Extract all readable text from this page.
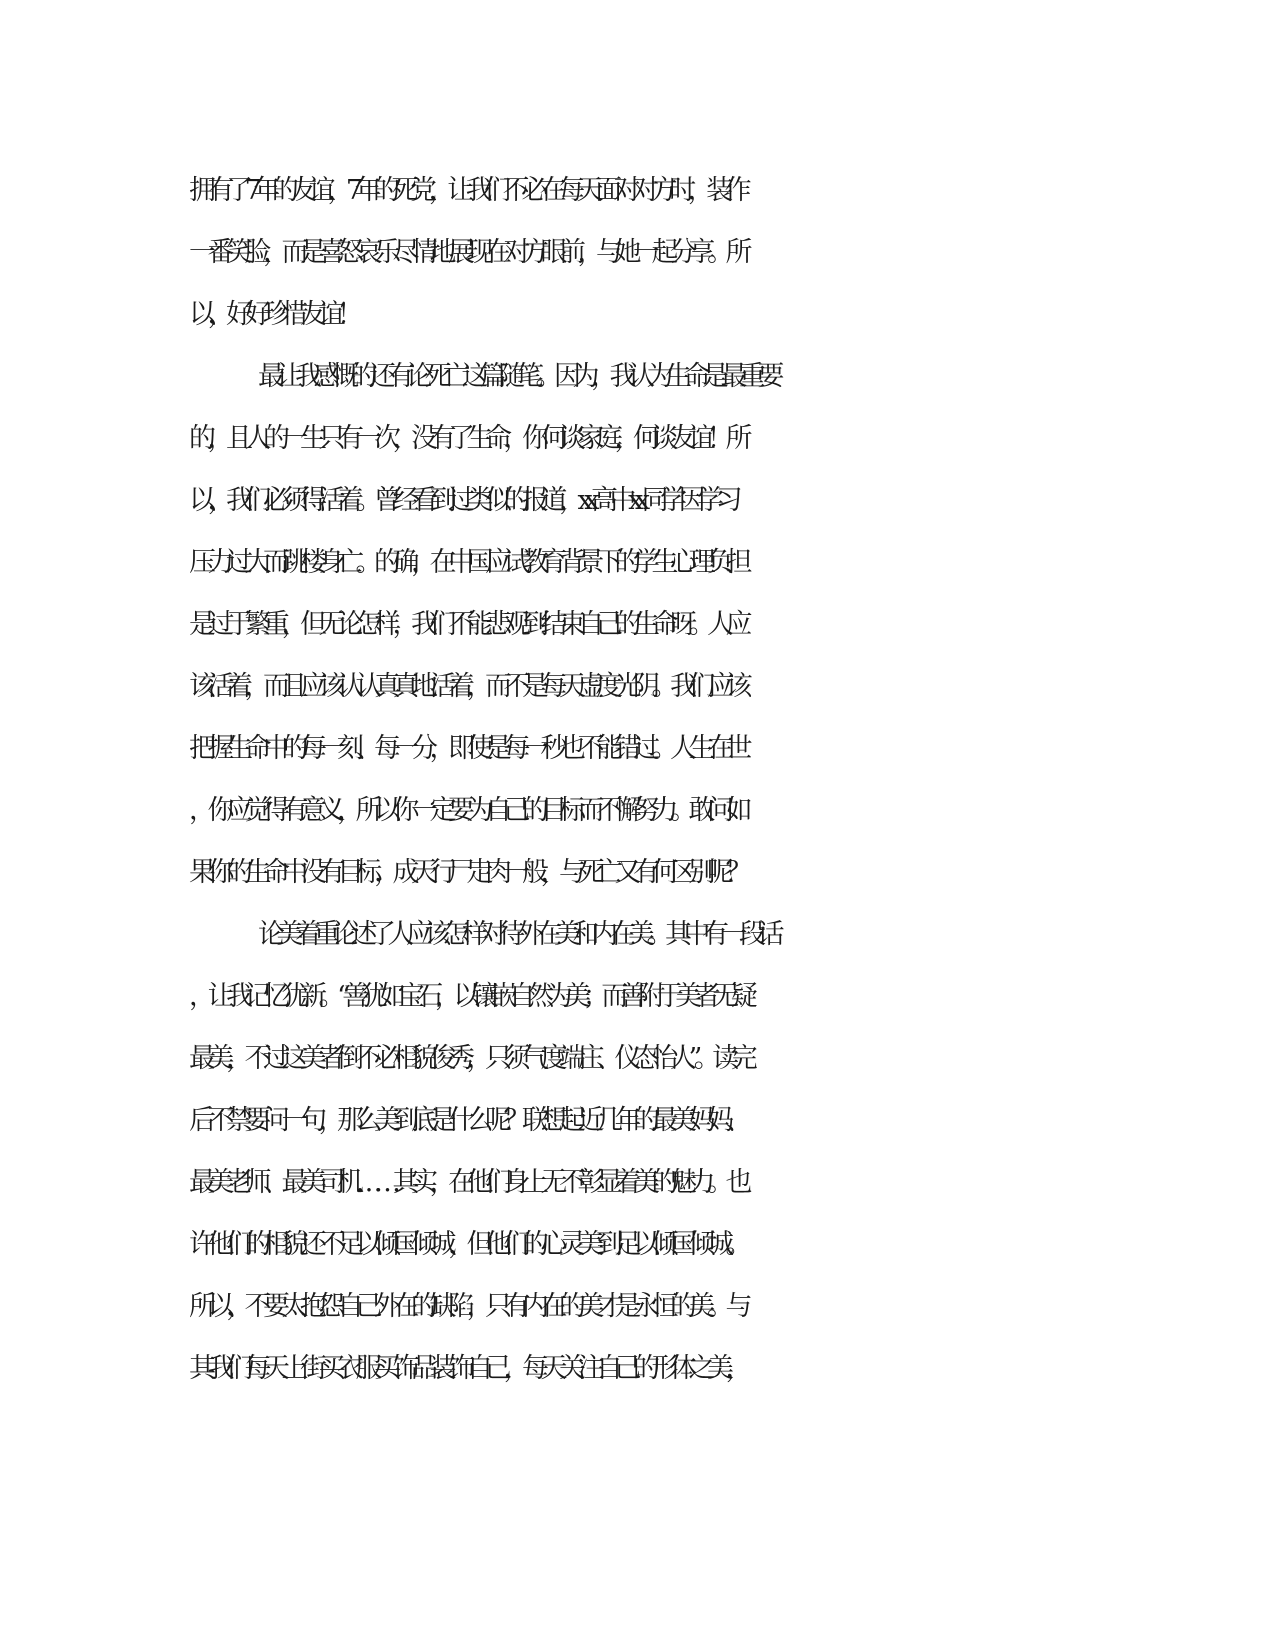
拥有了 7 年的友谊，7 年的死党，让我们不必在每天面对对方时，装作
一番笑脸，而是喜怒哀乐尽情地展现在对方眼前，与她一起分享。所
以，好好珍惜友谊！
最让我感慨的还有论死亡这篇随笔。因为，我认为生命是最重要
的，且人的一生只有一次，没有了生命，你何谈家庭，何谈友谊！所
以，我们必须得活着。曾经看到过类似的报道，xx 高中 xx 同学因学习
压力过大而跳楼身亡。的确，在中国应试教育背景下的学生心理负担
是过于繁重，但无论怎样，我们不能悲观到结束自己的生命呀。人应
该活着，而且应该认认真真地活着，而不是每天虚度光阴。我们应该
把握生命中的每一刻、每一分，即使是每一秒也不能错过。人生在世
，你应觉得有意义，所以你一定要为自己的目标而不懈努力。敢问如
果你的生命中没有目标，成天行尸走肉一般，与死亡又有何区别呢？
论美着重论述了人应该怎样对待外在美和内在美。其中有一段话
，让我记忆犹新。“善犹如宝石，以镶嵌自然为美；而善附于美者无疑
最美，不过这美者倒不必相貌俊秀，只须气度端庄、仪态怡人”。读完
后不禁要问一句，那么美到底是什么呢？联想起近几年的最美妈妈、
最美老师、最美司机……其实，在他们身上无不彰显着美的魅力。也
许他们的相貌还不足以倾国倾城，但他们的心灵美到足以倾国倾城。
所以，不要太抱怨自己外在的缺陷，只有内在的美才是永恒的美。与
其我们每天上街买衣服买饰品装饰自己，每天关注自己的形体之美，
